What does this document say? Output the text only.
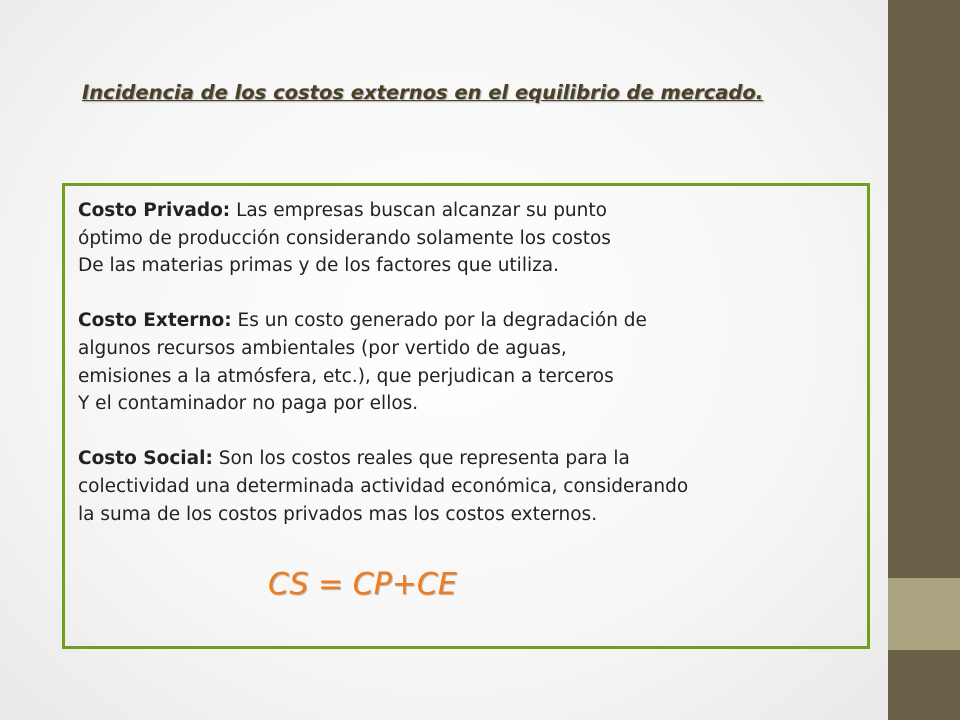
Incidencia de los costos externos en el equilibrio de mercado.

Costo Privado: Las empresas buscan alcanzar su punto
óptimo de producción considerando solamente los costos
De las materias primas y de los factores que utiliza.

Costo Externo: Es un costo generado por la degradación de
algunos recursos ambientales (por vertido de aguas,
emisiones a la atmósfera, etc.), que perjudican a terceros
Y el contaminador no paga por ellos.

Costo Social: Son los costos reales que representa para la
colectividad una determinada actividad económica, considerando
la suma de los costos privados mas los costos externos.

CS = CP+CE
